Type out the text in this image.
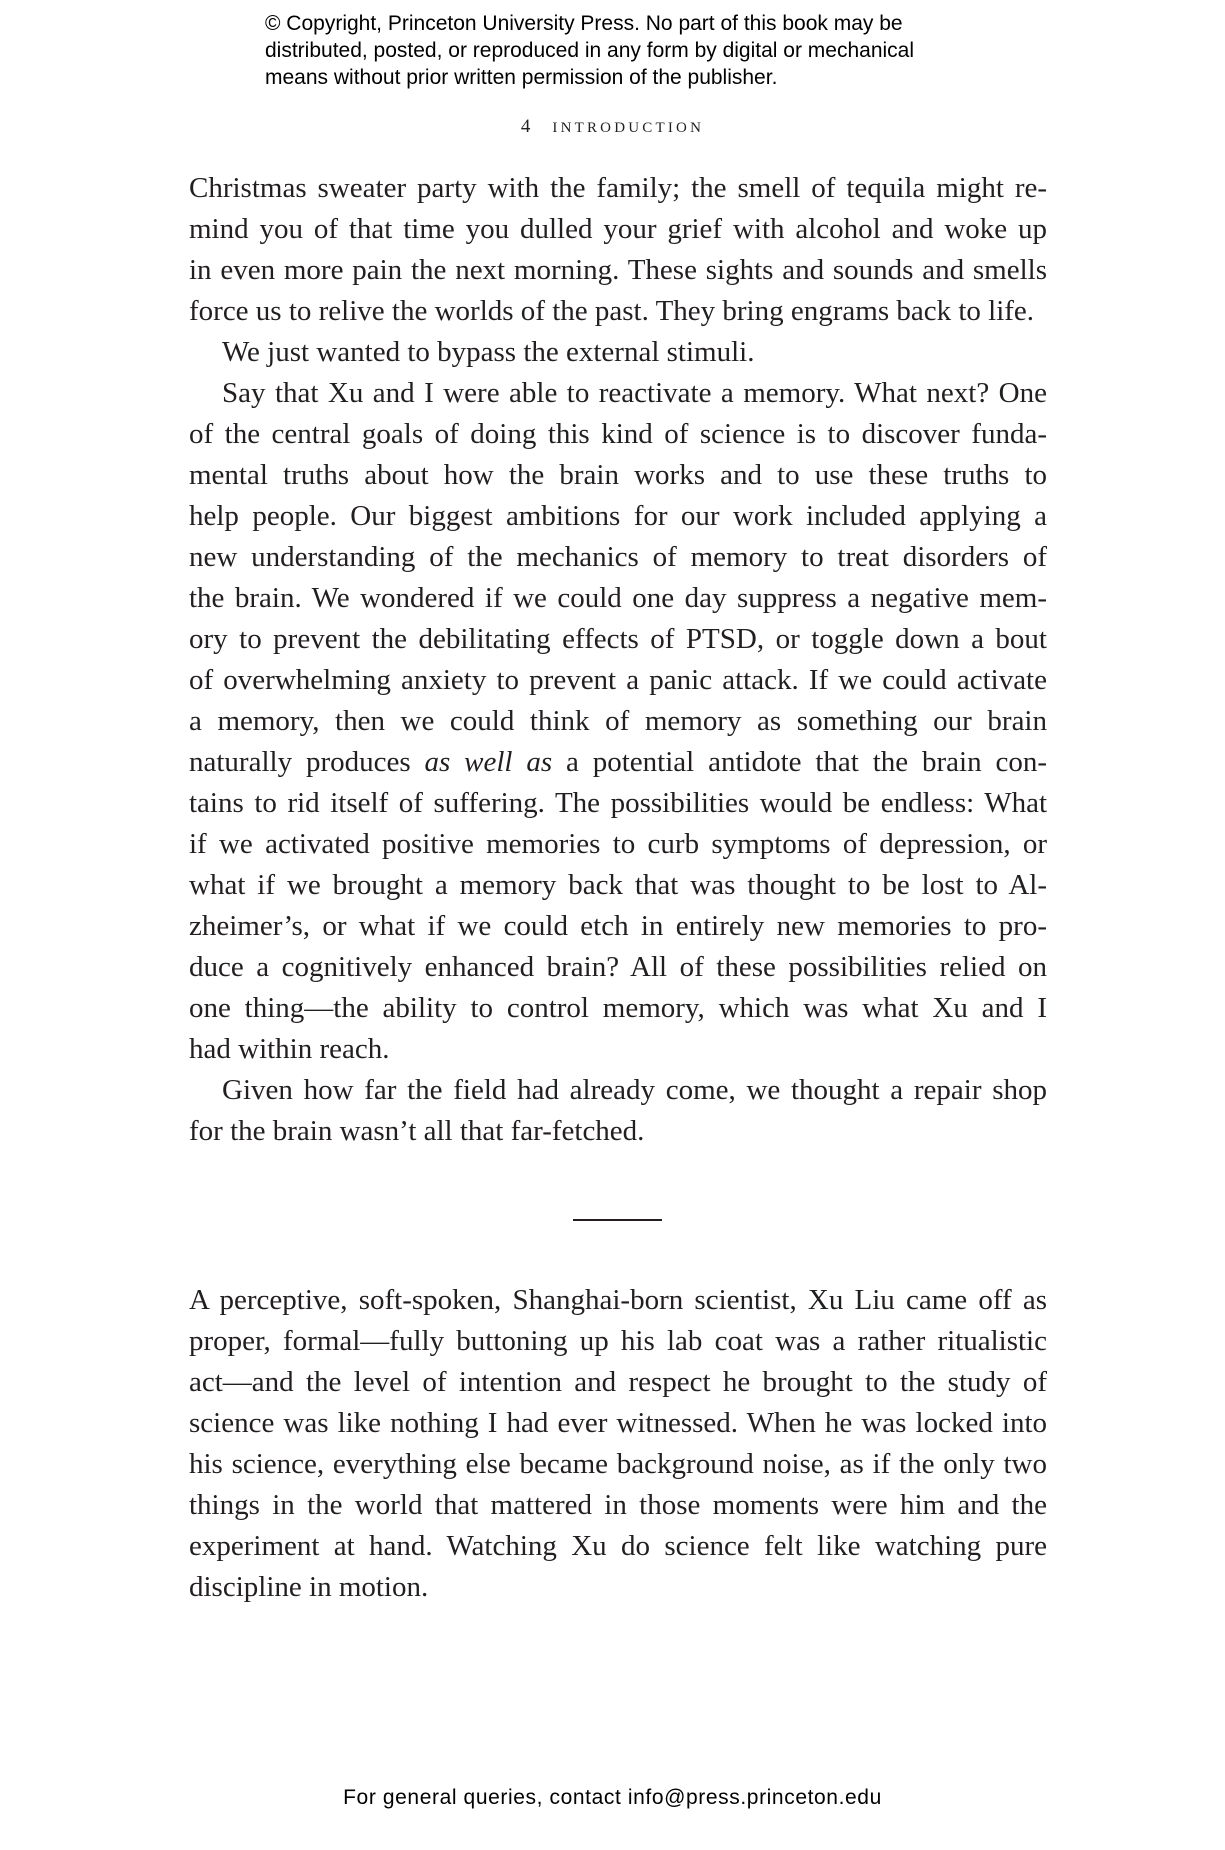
© Copyright, Princeton University Press. No part of this book may be
distributed, posted, or reproduced in any form by digital or mechanical
means without prior written permission of the publisher.
4 introduction
Christmas sweater party with the family; the smell of tequila might re-
mind you of that time you dulled your grief with alcohol and woke up
in even more pain the next morning. These sights and sounds and smells
force us to relive the worlds of the past. They bring engrams back to life.
We just wanted to bypass the external stimuli.
Say that Xu and I were able to reactivate a memory. What next? One
of the central goals of doing this kind of science is to discover funda-
mental truths about how the brain works and to use these truths to
help people. Our biggest ambitions for our work included applying a
new understanding of the mechanics of memory to treat disorders of
the brain. We wondered if we could one day suppress a negative mem-
ory to prevent the debilitating effects of PTSD, or toggle down a bout
of overwhelming anxiety to prevent a panic attack. If we could activate
a memory, then we could think of memory as something our brain
naturally produces as well as a potential antidote that the brain con-
tains to rid itself of suffering. The possibilities would be endless: What
if we activated positive memories to curb symptoms of depression, or
what if we brought a memory back that was thought to be lost to Al-
zheimer’s, or what if we could etch in entirely new memories to pro-
duce a cognitively enhanced brain? All of these possibilities relied on
one thing—the ability to control memory, which was what Xu and I
had within reach.
Given how far the field had already come, we thought a repair shop
for the brain wasn’t all that far-fetched.
A perceptive, soft-spoken, Shanghai-born scientist, Xu Liu came off as
proper, formal—fully buttoning up his lab coat was a rather ritualistic
act—and the level of intention and respect he brought to the study of
science was like nothing I had ever witnessed. When he was locked into
his science, everything else became background noise, as if the only two
things in the world that mattered in those moments were him and the
experiment at hand. Watching Xu do science felt like watching pure
discipline in motion.
For general queries, contact info@press.princeton.edu
